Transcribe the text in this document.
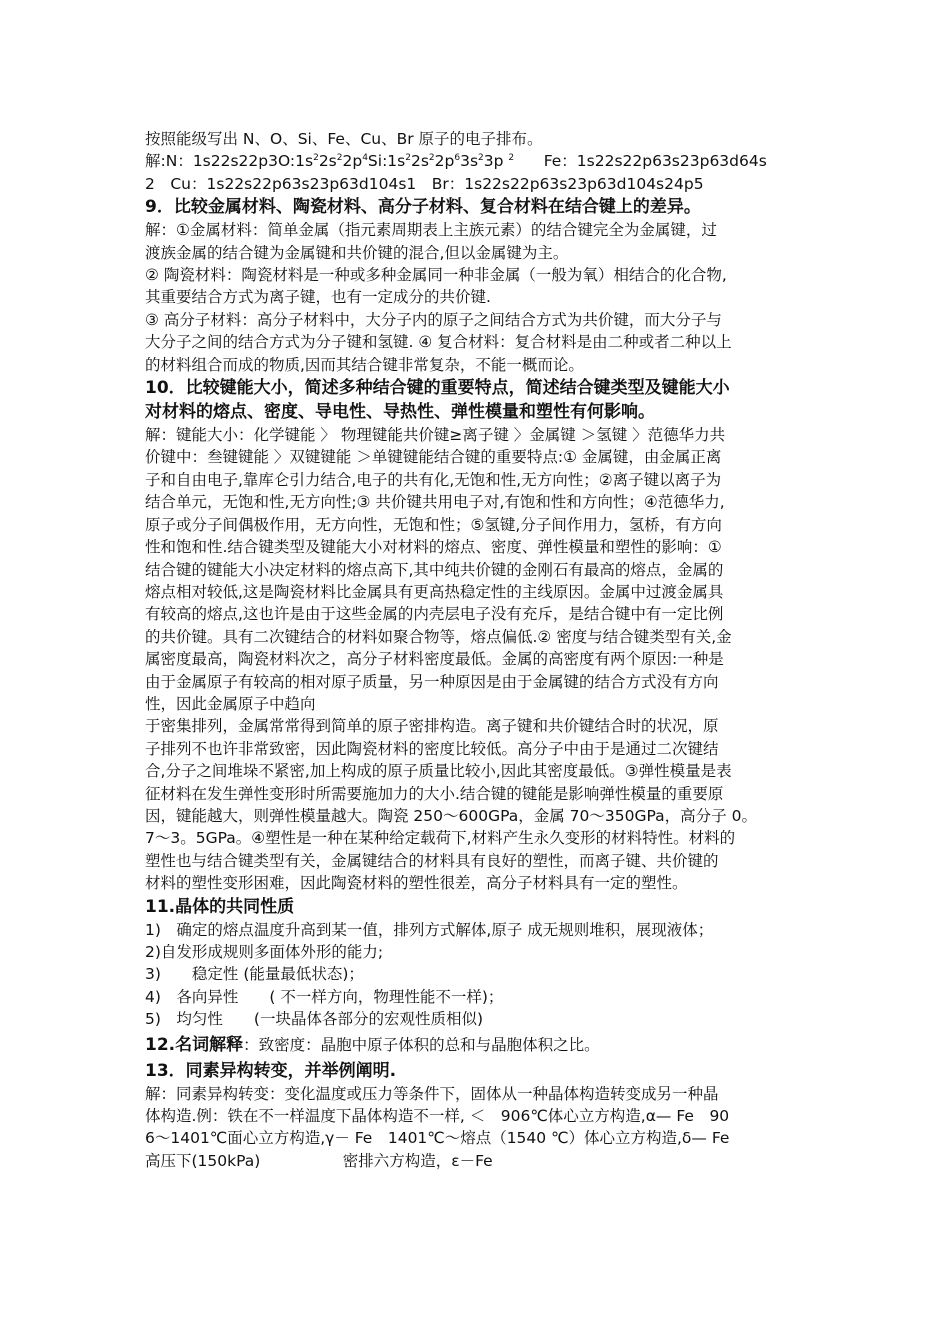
按照能级写出 N、O、Si、Fe、Cu、Br 原子的电子排布。
解:N：$1s22s22p3O:1s^22s^22p^4Si:1s^22s^22p^63s^23p$ $^2$ Fe：1s22s22p63s23p63d64s
2　Cu：1s22s22p63s23p63d104s1　Br：1s22s22p63s23p63d104s24p5
9．比较金属材料、陶瓷材料、高分子材料、复合材料在结合键上的差异。
解：①金属材料：简单金属（指元素周期表上主族元素）的结合键完全为金属键，过
渡族金属的结合键为金属键和共价键的混合,但以金属键为主。
② 陶瓷材料：陶瓷材料是一种或多种金属同一种非金属（一般为氧）相结合的化合物,
其重要结合方式为离子键，也有一定成分的共价键.
③ 高分子材料：高分子材料中，大分子内的原子之间结合方式为共价键，而大分子与
大分子之间的结合方式为分子键和氢键. ④ 复合材料：复合材料是由二种或者二种以上
的材料组合而成的物质,因而其结合键非常复杂，不能一概而论。
10．比较键能大小，简述多种结合键的重要特点，简述结合键类型及键能大小
对材料的熔点、密度、导电性、导热性、弹性模量和塑性有何影响。
解：键能大小：化学键能 〉 物理键能共价键≥离子键 〉金属键 ＞氢键 〉范德华力共
价键中：叁键键能 〉双键键能 ＞单键键能结合键的重要特点:① 金属键，由金属正离
子和自由电子,靠库仑引力结合,电子的共有化,无饱和性,无方向性；②离子键以离子为
结合单元，无饱和性,无方向性;③ 共价键共用电子对,有饱和性和方向性；④范德华力,
原子或分子间偶极作用，无方向性，无饱和性；⑤氢键,分子间作用力，氢桥，有方向
性和饱和性.结合键类型及键能大小对材料的熔点、密度、弹性模量和塑性的影响：①
结合键的键能大小决定材料的熔点高下,其中纯共价键的金刚石有最高的熔点，金属的
熔点相对较低,这是陶瓷材料比金属具有更高热稳定性的主线原因。金属中过渡金属具
有较高的熔点,这也许是由于这些金属的内壳层电子没有充斥，是结合键中有一定比例
的共价键。具有二次键结合的材料如聚合物等，熔点偏低.② 密度与结合键类型有关,金
属密度最高，陶瓷材料次之，高分子材料密度最低。金属的高密度有两个原因:一种是
由于金属原子有较高的相对原子质量，另一种原因是由于金属键的结合方式没有方向
性，因此金属原子中趋向
于密集排列，金属常常得到简单的原子密排构造。离子键和共价键结合时的状况，原
子排列不也许非常致密，因此陶瓷材料的密度比较低。高分子中由于是通过二次键结
合,分子之间堆垛不紧密,加上构成的原子质量比较小,因此其密度最低。③弹性模量是表
征材料在发生弹性变形时所需要施加力的大小.结合键的键能是影响弹性模量的重要原
因，键能越大，则弹性模量越大。陶瓷 250～600GPa，金属 70～350GPa，高分子 0。
7～3。5GPa。④塑性是一种在某种给定载荷下,材料产生永久变形的材料特性。材料的
塑性也与结合键类型有关，金属键结合的材料具有良好的塑性，而离子键、共价键的
材料的塑性变形困难，因此陶瓷材料的塑性很差，高分子材料具有一定的塑性。
11.晶体的共同性质
1)　确定的熔点温度升高到某一值，排列方式解体,原子 成无规则堆积，展现液体；
2)自发形成规则多面体外形的能力;
3)　　稳定性 (能量最低状态)；
4)　各向异性　　( 不一样方向，物理性能不一样)；
5)　均匀性　　(一块晶体各部分的宏观性质相似)
12.名词解释：致密度：晶胞中原子体积的总和与晶胞体积之比。
13．同素异构转变，并举例阐明.
解：同素异构转变：变化温度或压力等条件下，固体从一种晶体构造转变成另一种晶
体构造.例：铁在不一样温度下晶体构造不一样, ＜　906℃体心立方构造,α— Fe　90
6～1401℃面心立方构造,γ－ Fe　1401℃～熔点（1540 ℃）体心立方构造,δ— Fe
高压下(150kPa)　　　　　 密排六方构造，ε－Fe
